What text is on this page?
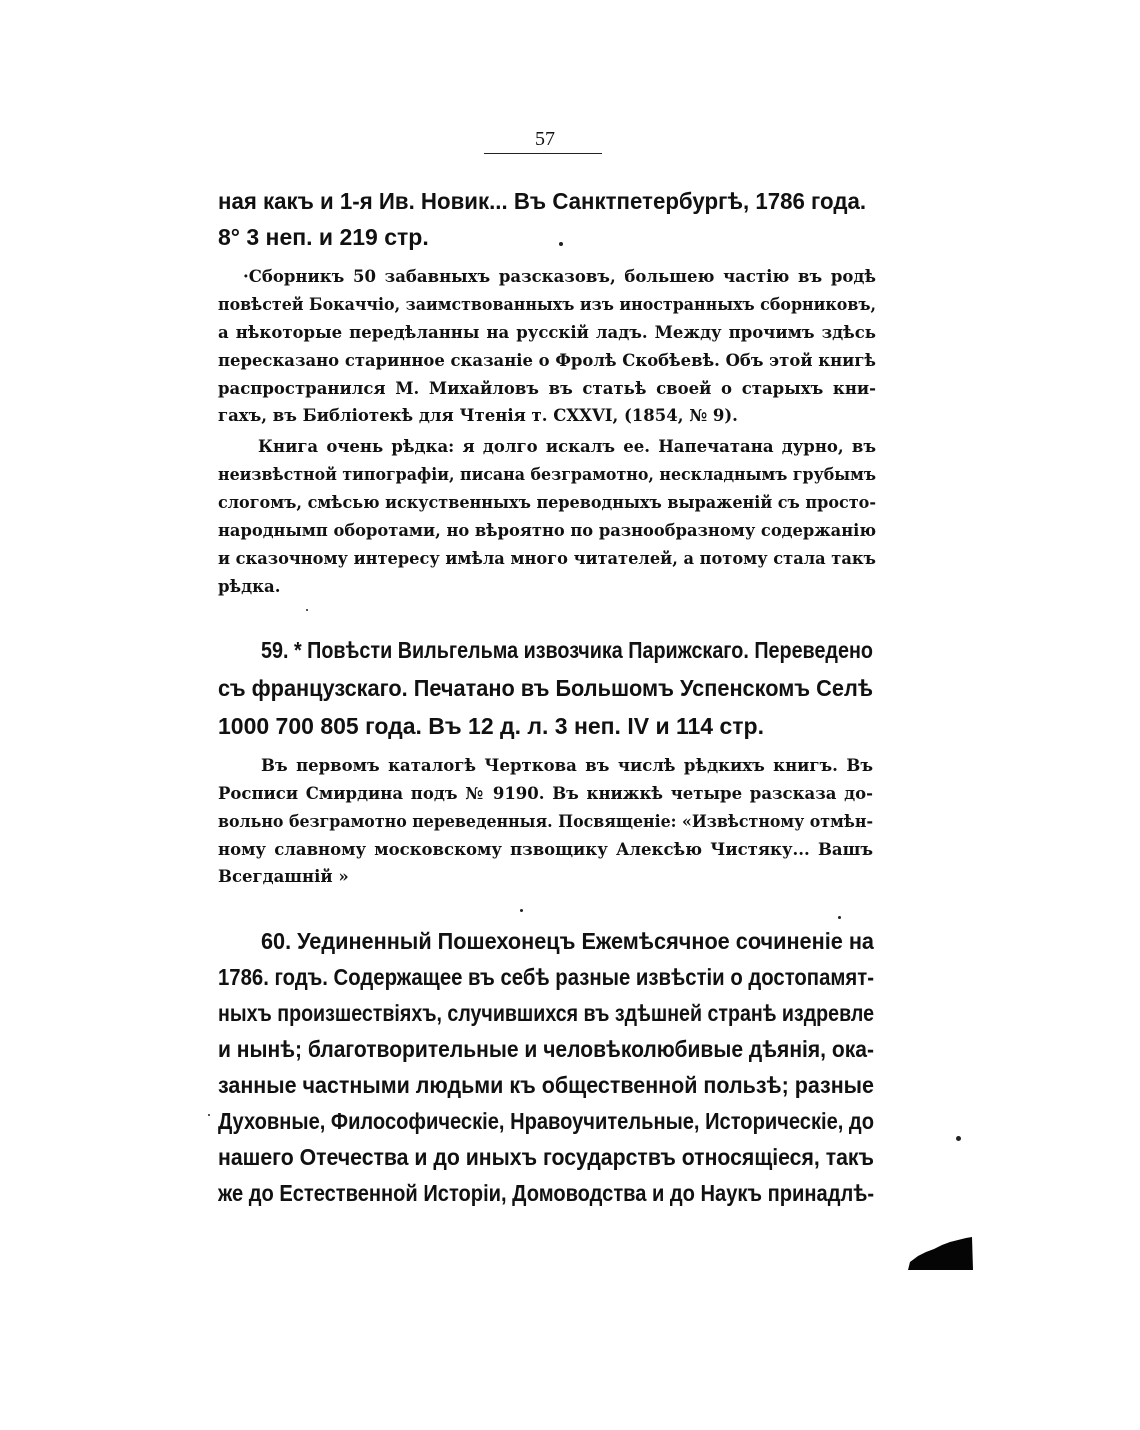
57
ная какъ и 1-я Ив. Новик... Въ Санктпетербургѣ, 1786 года.
8° 3 неп. и 219 стр.
·Сборникъ 50 забавныхъ разсказовъ, большею частію въ родѣ
повѣстей Бокаччіо, заимствованныхъ изъ иностранныхъ сборниковъ,
а нѣкоторые передѣланны на русскій ладъ. Между прочимъ здѣсь
пересказано старинное сказаніе о Фролѣ Скобѣевѣ. Объ этой книгѣ
распространился М. Михайловъ въ статьѣ своей о старыхъ кни-
гахъ, въ Библіотекѣ для Чтенія т. CXXVI, (1854, № 9).
Книга очень рѣдка: я долго искалъ ее. Напечатана дурно, въ
неизвѣстной типографіи, писана безграмотно, нескладнымъ грубымъ
слогомъ, смѣсью искуственныхъ переводныхъ выраженій съ просто-
народнымп оборотами, но вѣроятно по разнообразному содержанію
и сказочному интересу имѣла много читателей, а потому стала такъ
рѣдка.
59. * Повѣсти Вильгельма извозчика Парижскаго. Переведено
съ французскаго. Печатано въ Большомъ Успенскомъ Селѣ
1000 700 805 года. Въ 12 д. л. 3 неп. IV и 114 стр.
Въ первомъ каталогѣ Черткова въ числѣ рѣдкихъ книгъ. Въ
Росписи Смирдина подъ № 9190. Въ книжкѣ четыре разсказа до-
вольно безграмотно переведенныя. Посвященіе: «Извѣстному отмѣн-
ному славному московскому пзвощику Алексѣю Чистяку... Вашъ
Всегдашній »
60. Уединенный Пошехонецъ Ежемѣсячное сочиненіе на
1786. годъ. Содержащее въ себѣ разные извѣстіи о достопамят-
ныхъ произшествіяхъ, случившихся въ здѣшней странѣ издревле
и нынѣ; благотворительные и человѣколюбивые дѣянія, ока-
занные частными людьми къ общественной пользѣ; разные
Духовные, Философическіе, Нравоучительные, Историческіе, до
нашего Отечества и до иныхъ государствъ относящіеся, такъ
же до Естественной Исторіи, Домоводства и до Наукъ принадлѣ-
